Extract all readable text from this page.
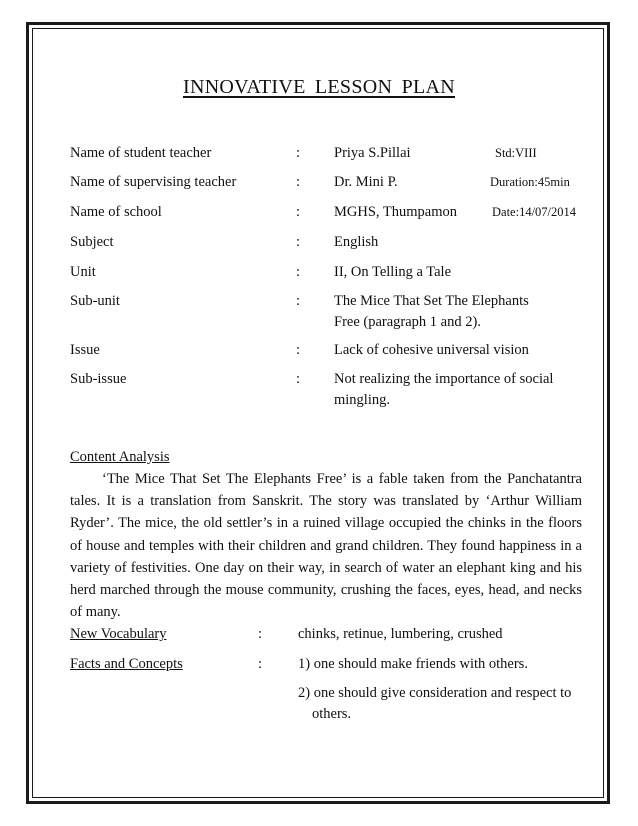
INNOVATIVE LESSON PLAN
Name of student teacher	: Priya S.Pillai	Std:VIII
Name of supervising teacher	: Dr. Mini P.	Duration:45min
Name of school	: MGHS, Thumpamon	Date:14/07/2014
Subject	: English
Unit	: II, On Telling a Tale
Sub-unit	: The Mice That Set The Elephants
Free (paragraph 1 and 2).
Issue	: Lack of cohesive universal vision
Sub-issue	: Not realizing the importance of social
mingling.
Content Analysis
‘The Mice That Set The Elephants Free’ is a fable taken from the Panchatantra
tales. It is a translation from Sanskrit. The story was translated by ‘Arthur William
Ryder’. The mice, the old settler’s in a ruined village occupied the chinks in the floors
of house and temples with their children and grand children. They found happiness in a
variety of festivities. One day on their way, in search of water an elephant king and his
herd marched through the mouse community, crushing the faces, eyes, head, and necks
of many.
New Vocabulary	: chinks, retinue, lumbering, crushed
Facts and Concepts	: 1) one should make friends with others.
2) one should give consideration and respect to
others.
